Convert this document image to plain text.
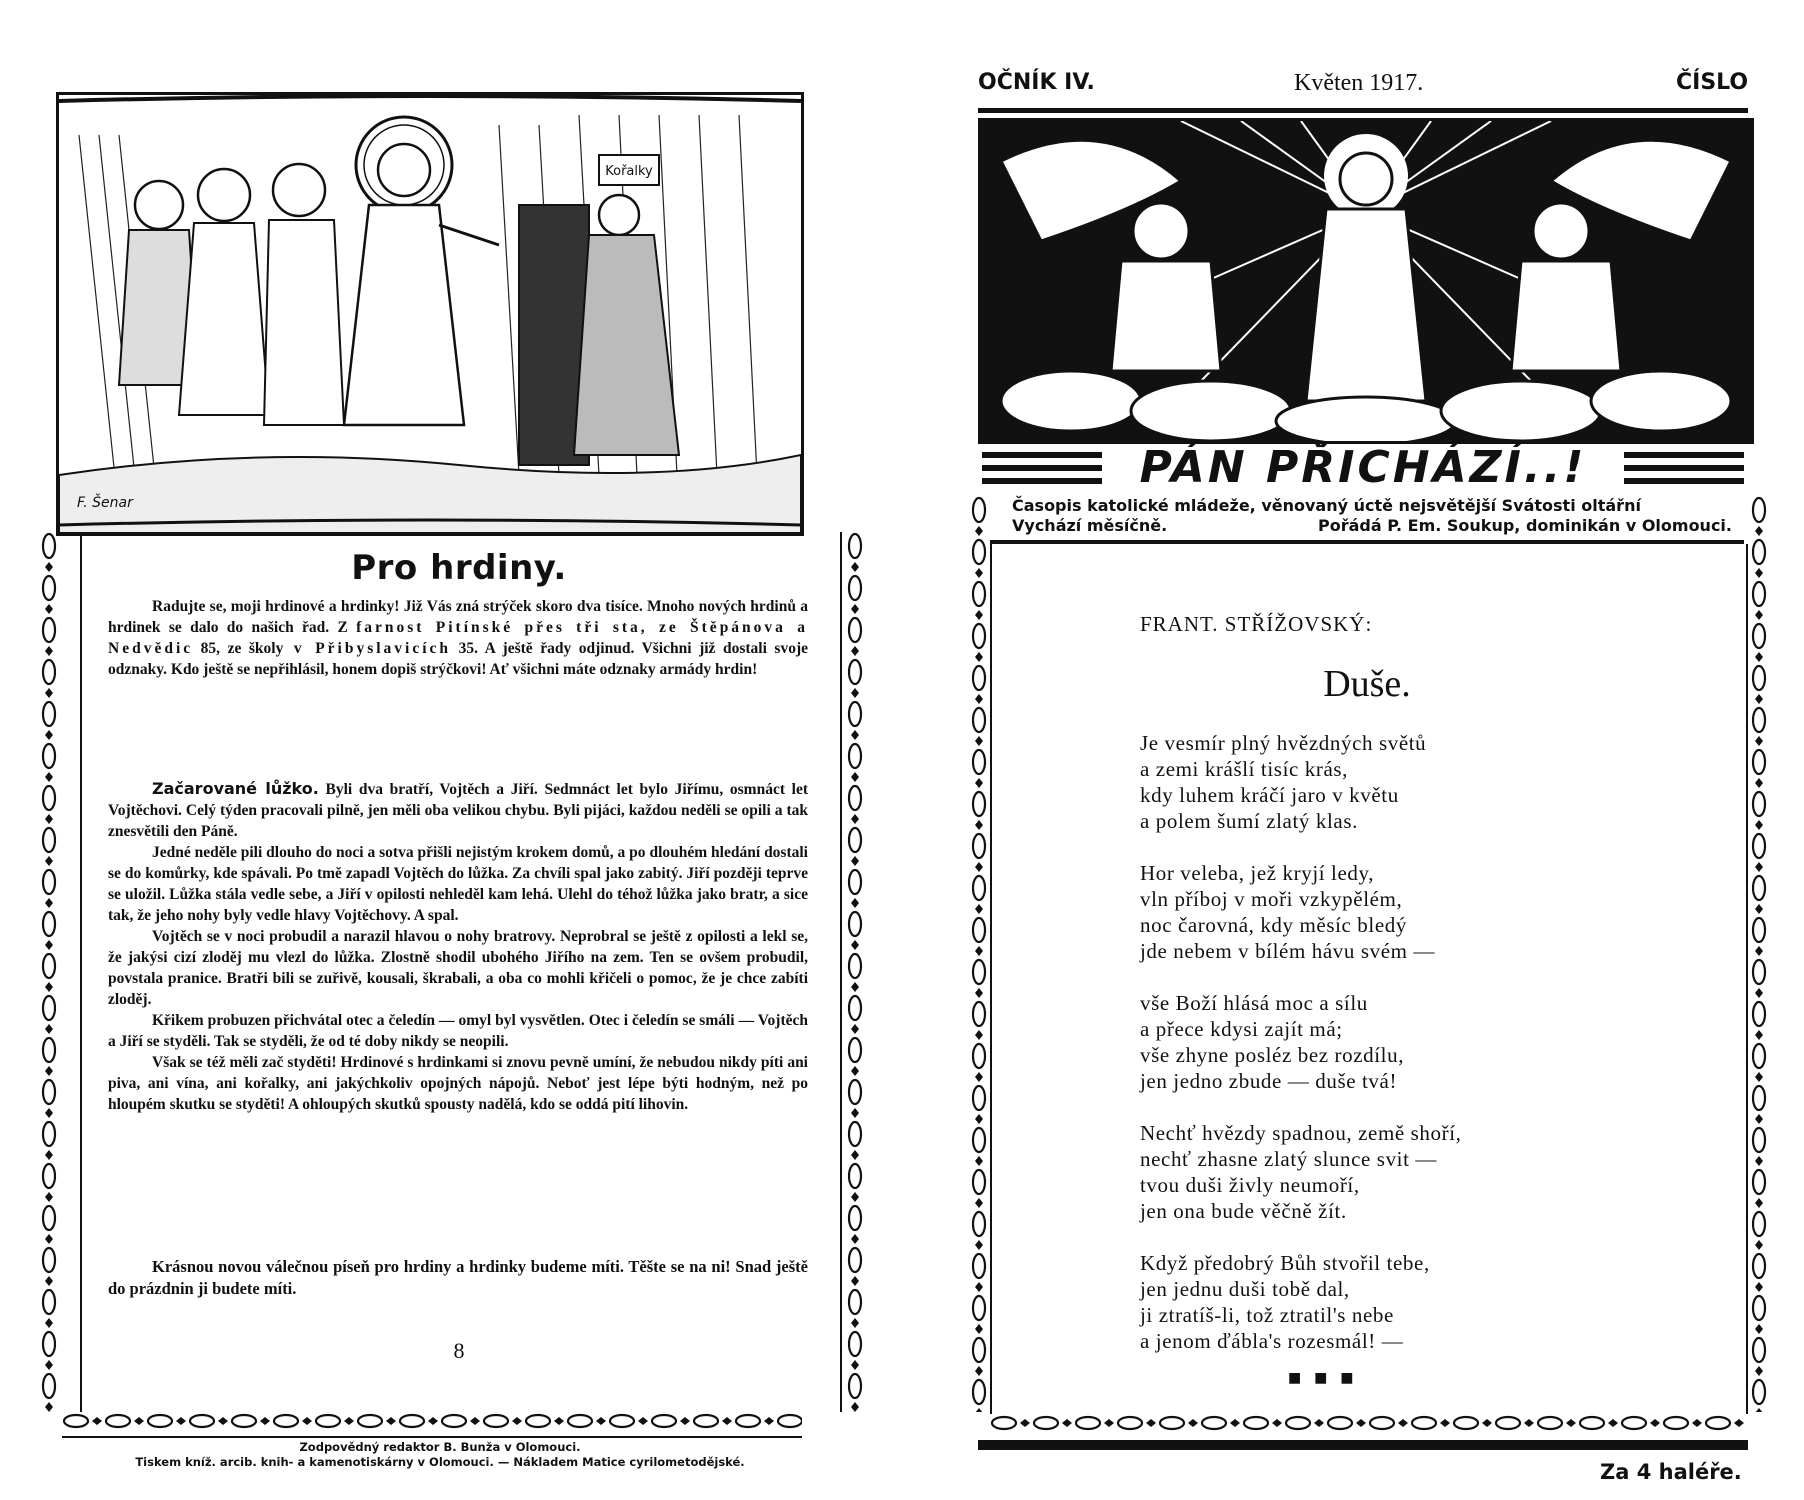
Kořalky
F. Šenar
Pro hrdiny.

Radujte se, moji hrdinové a hrdinky! Již Vás zná strýček skoro dva tisíce. Mnoho nových hrdinů a hrdinek se dalo do našich řad. Z farnost Pitínské přes tři sta, ze Štěpánova a Nedvědic 85, ze školy v Přibyslavicích 35. A ještě řady odjinud. Všichni již dostali svoje odznaky. Kdo ještě se nepřihlásil, honem dopiš strýčkovi! Ať všichni máte odznaky armády hrdin!

Začarované lůžko. Byli dva bratří, Vojtěch a Jiří. Sedmnáct let bylo Jiřímu, osmnáct let Vojtěchovi. Celý týden pracovali pilně, jen měli oba velikou chybu. Byli pijáci, každou neděli se opili a tak znesvětili den Páně.

Jedné neděle pili dlouho do noci a sotva přišli nejistým krokem domů, a po dlouhém hledání dostali se do komůrky, kde spávali. Po tmě zapadl Vojtěch do lůžka. Za chvíli spal jako zabitý. Jiří později teprve se uložil. Lůžka stála vedle sebe, a Jiří v opilosti nehleděl kam lehá. Ulehl do téhož lůžka jako bratr, a sice tak, že jeho nohy byly vedle hlavy Vojtěchovy. A spal.

Vojtěch se v noci probudil a narazil hlavou o nohy bratrovy. Neprobral se ještě z opilosti a lekl se, že jakýsi cizí zloděj mu vlezl do lůžka. Zlostně shodil ubohého Jiřího na zem. Ten se ovšem probudil, povstala pranice. Bratři bili se zuřivě, kousali, škrabali, a oba co mohli křičeli o pomoc, že je chce zabíti zloděj.

Křikem probuzen přichvátal otec a čeledín — omyl byl vysvětlen. Otec i čeledín se smáli — Vojtěch a Jiří se styděli. Tak se styděli, že od té doby nikdy se neopili.

Však se též měli zač styděti! Hrdinové s hrdinkami si znovu pevně umíní, že nebudou nikdy píti ani piva, ani vína, ani kořalky, ani jakýchkoliv opojných nápojů. Neboť jest lépe býti hodným, než po hloupém skutku se styděti! A ohloupých skutků spousty nadělá, kdo se oddá pití lihovin.

Krásnou novou válečnou píseň pro hrdiny a hrdinky budeme míti. Těšte se na ni! Snad ještě do prázdnin ji budete míti.

8
Zodpovědný redaktor B. Bunža v Olomouci.
Tiskem kníž. arcib. knih- a kamenotiskárny v Olomouci. — Nákladem Matice cyrilometodějské.
OČNÍK IV.	Květen 1917.	ČÍSLO
PÁN PŘICHÁZÍ..!
Časopis katolické mládeže, věnovaný úctě nejsvětější Svátosti oltářní
Vychází měsíčně.	Pořádá P. Em. Soukup, dominikán v Olomouci.
FRANT. STŘÍŽOVSKÝ:
Duše.
Je vesmír plný hvězdných světů
a zemi krášlí tisíc krás,
kdy luhem kráčí jaro v květu
a polem šumí zlatý klas.
Hor veleba, jež kryjí ledy,
vln příboj v moři vzkypělém,
noc čarovná, kdy měsíc bledý
jde nebem v bílém hávu svém —
vše Boží hlásá moc a sílu
a přece kdysi zajít má;
vše zhyne posléz bez rozdílu,
jen jedno zbude — duše tvá!
Nechť hvězdy spadnou, země shoří,
nechť zhasne zlatý slunce svit —
tvou duši živly neumoří,
jen ona bude věčně žít.
Když předobrý Bůh stvořil tebe,
jen jednu duši tobě dal,
ji ztratíš-li, tož ztratil's nebe
a jenom ďábla's rozesmál! —
■ ■ ■
Za 4 haléře.
